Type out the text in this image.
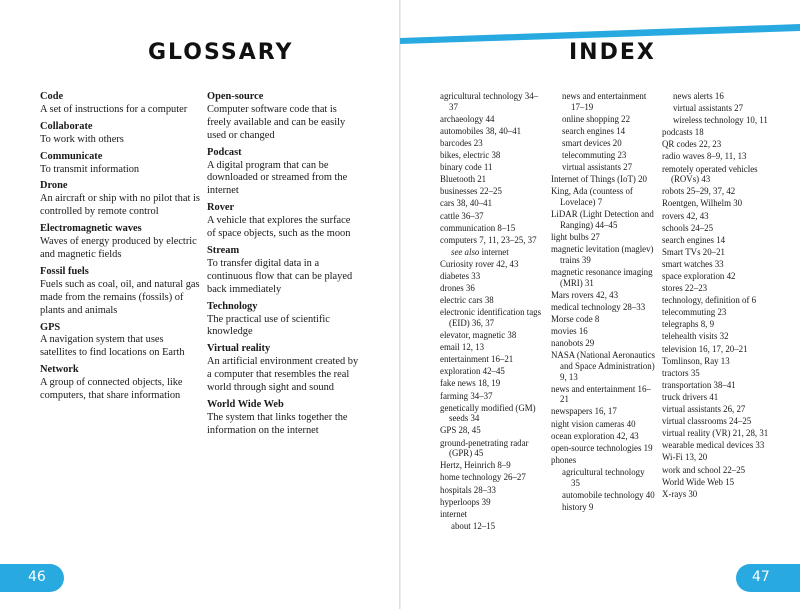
GLOSSARY
Code
A set of instructions for a computer
Collaborate
To work with others
Communicate
To transmit information
Drone
An aircraft or ship with no pilot that is controlled by remote control
Electromagnetic waves
Waves of energy produced by electric and magnetic fields
Fossil fuels
Fuels such as coal, oil, and natural gas made from the remains (fossils) of plants and animals
GPS
A navigation system that uses satellites to find locations on Earth
Network
A group of connected objects, like computers, that share information
Open-source
Computer software code that is freely available and can be easily used or changed
Podcast
A digital program that can be downloaded or streamed from the internet
Rover
A vehicle that explores the surface of space objects, such as the moon
Stream
To transfer digital data in a continuous flow that can be played back immediately
Technology
The practical use of scientific knowledge
Virtual reality
An artificial environment created by a computer that resembles the real world through sight and sound
World Wide Web
The system that links together the information on the internet
46
INDEX
agricultural technology 34–37
archaeology 44
automobiles 38, 40–41
barcodes 23
bikes, electric 38
binary code 11
Bluetooth 21
businesses 22–25
cars 38, 40–41
cattle 36–37
communication 8–15
computers 7, 11, 23–25, 37
see also internet
Curiosity rover 42, 43
diabetes 33
drones 36
electric cars 38
electronic identification tags (EID) 36, 37
elevator, magnetic 38
email 12, 13
entertainment 16–21
exploration 42–45
fake news 18, 19
farming 34–37
genetically modified (GM) seeds 34
GPS 28, 45
ground-penetrating radar (GPR) 45
Hertz, Heinrich 8–9
home technology 26–27
hospitals 28–33
hyperloops 39
internet
about 12–15
news and entertainment 17–19
online shopping 22
search engines 14
smart devices 20
telecommuting 23
virtual assistants 27
Internet of Things (IoT) 20
King, Ada (countess of Lovelace) 7
LiDAR (Light Detection and Ranging) 44–45
light bulbs 27
magnetic levitation (maglev) trains 39
magnetic resonance imaging (MRI) 31
Mars rovers 42, 43
medical technology 28–33
Morse code 8
movies 16
nanobots 29
NASA (National Aeronautics and Space Administration) 9, 13
news and entertainment 16–21
newspapers 16, 17
night vision cameras 40
ocean exploration 42, 43
open-source technologies 19
phones
agricultural technology 35
automobile technology 40
history 9
news alerts 16
virtual assistants 27
wireless technology 10, 11
podcasts 18
QR codes 22, 23
radio waves 8–9, 11, 13
remotely operated vehicles (ROVs) 43
robots 25–29, 37, 42
Roentgen, Wilhelm 30
rovers 42, 43
schools 24–25
search engines 14
Smart TVs 20–21
smart watches 33
space exploration 42
stores 22–23
technology, definition of 6
telecommuting 23
telegraphs 8, 9
telehealth visits 32
television 16, 17, 20–21
Tomlinson, Ray 13
tractors 35
transportation 38–41
truck drivers 41
virtual assistants 26, 27
virtual classrooms 24–25
virtual reality (VR) 21, 28, 31
wearable medical devices 33
Wi-Fi 13, 20
work and school 22–25
World Wide Web 15
X-rays 30
47
